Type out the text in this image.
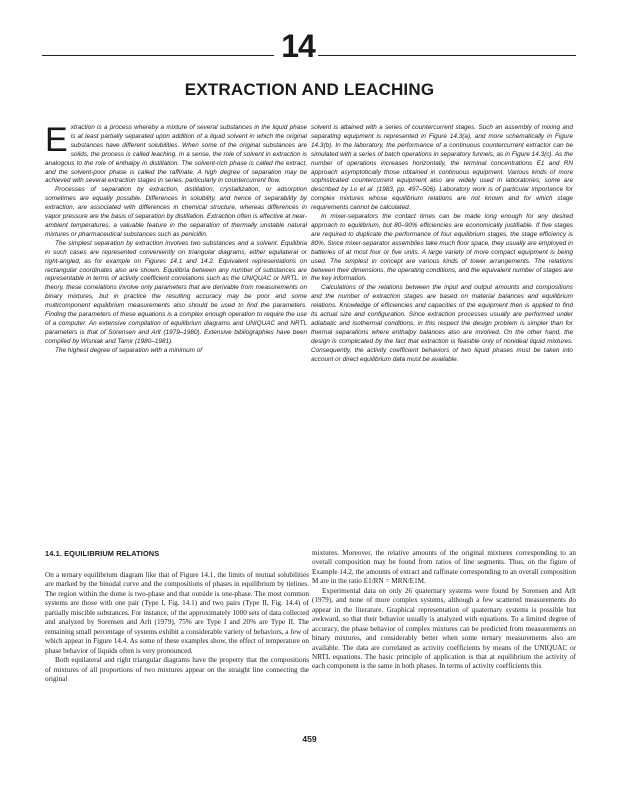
14
EXTRACTION AND LEACHING

Extraction is a process whereby a mixture of several substances in the liquid phase is at least partially separated upon addition of a liquid solvent in which the original substances have different solubilities. When some of the original substances are solids, the process is called leaching. In a sense, the role of solvent in extraction is analogous to the role of enthalpy in distillation. The solvent-rich phase is called the extract, and the solvent-poor phase is called the raffinate. A high degree of separation may be achieved with several extraction stages in series, particularly in countercurrent flow.

Processes of separation by extraction, distillation, crystallization, or adsorption sometimes are equally possible. Differences in solubility, and hence of separability by extraction, are associated with differences in chemical structure, whereas differences in vapor pressure are the basis of separation by distillation. Extraction often is effective at near-ambient temperatures, a valuable feature in the separation of thermally unstable natural mixtures or pharmaceutical substances such as penicillin.

The simplest separation by extraction involves two substances and a solvent. Equilibria in such cases are represented conveniently on triangular diagrams, either equilateral or right-angled, as for example on Figures 14.1 and 14.2. Equivalent representations on rectangular coordinates also are shown. Equilibria between any number of substances are representable in terms of activity coefficient correlations such as the UNIQUAC or NRTL. In theory, these correlations involve only parameters that are derivable from measurements on binary mixtures, but in practice the resulting accuracy may be poor and some multicomponent equilibrium measurements also should be used to find the parameters. Finding the parameters of these equations is a complex enough operation to require the use of a computer. An extensive compilation of equilibrium diagrams and UNIQUAC and NRTL parameters is that of Sorensen and Arlt (1979–1980). Extensive bibliographies have been compiled by Wisniak and Tamir (1980–1981).

The highest degree of separation with a minimum of

solvent is attained with a series of countercurrent stages. Such an assembly of mixing and separating equipment is represented in Figure 14.3(a), and more schematically in Figure 14.3(b). In the laboratory, the performance of a continuous countercurrent extractor can be simulated with a series of batch operations in separatory funnels, as in Figure 14.3(c). As the number of operations increases horizontally, the terminal concentrations E1 and RN approach asymptotically those obtained in continuous equipment. Various kinds of more sophisticated countercurrent equipment also are widely used in laboratories; some are described by Lo et al. (1983, pp. 497–506). Laboratory work is of particular importance for complex mixtures whose equilibrium relations are not known and for which stage requirements cannot be calculated.

In mixer-separators the contact times can be made long enough for any desired approach to equilibrium, but 80–90% efficiencies are economically justifiable. If five stages are required to duplicate the performance of four equilibrium stages, the stage efficiency is 80%. Since mixer-separator assemblies take much floor space, they usually are employed in batteries of at most four or five units. A large variety of more compact equipment is being used. The simplest in concept are various kinds of tower arrangements. The relations between their dimensions, the operating conditions, and the equivalent number of stages are the key information.

Calculations of the relations between the input and output amounts and compositions and the number of extraction stages are based on material balances and equilibrium relations. Knowledge of efficiencies and capacities of the equipment then is applied to find its actual size and configuration. Since extraction processes usually are performed under adiabatic and isothermal conditions, in this respect the design problem is simpler than for thermal separations where enthalpy balances also are involved. On the other hand, the design is complicated by the fact that extraction is feasible only of nonideal liquid mixtures. Consequently, the activity coefficient behaviors of two liquid phases must be taken into account or direct equilibrium data must be available.

14.1. EQUILIBRIUM RELATIONS

On a ternary equilibrium diagram like that of Figure 14.1, the limits of mutual solubilities are marked by the binodal curve and the compositions of phases in equilibrium by tielines. The region within the dome is two-phase and that outside is one-phase. The most common systems are those with one pair (Type I, Fig. 14.1) and two pairs (Type II, Fig. 14.4) of partially miscible substances. For instance, of the approximately 1000 sets of data collected and analyzed by Sorensen and Arlt (1979), 75% are Type I and 20% are Type II. The remaining small percentage of systems exhibit a considerable variety of behaviors, a few of which appear in Figure 14.4. As some of these examples show, the effect of temperature on phase behavior of liquids often is very pronounced.

Both equilateral and right triangular diagrams have the property that the compositions of mixtures of all proportions of two mixtures appear on the straight line connecting the original

mixtures. Moreover, the relative amounts of the original mixtures corresponding to an overall composition may be found from ratios of line segments. Thus, on the figure of Example 14.2, the amounts of extract and raffinate corresponding to an overall composition M are in the ratio E1/RN = MRN/E1M.

Experimental data on only 26 quaternary systems were found by Sorensen and Arlt (1979), and none of more complex systems, although a few scattered measurements do appear in the literature. Graphical representation of quaternary systems is possible but awkward, so that their behavior usually is analyzed with equations. To a limited degree of accuracy, the phase behavior of complex mixtures can be predicted from measurements on binary mixtures, and considerably better when some ternary measurements also are available. The data are correlated as activity coefficients by means of the UNIQUAC or NRTL equations. The basic principle of application is that at equilibrium the activity of each component is the same in both phases. In terms of activity coefficients this

459
